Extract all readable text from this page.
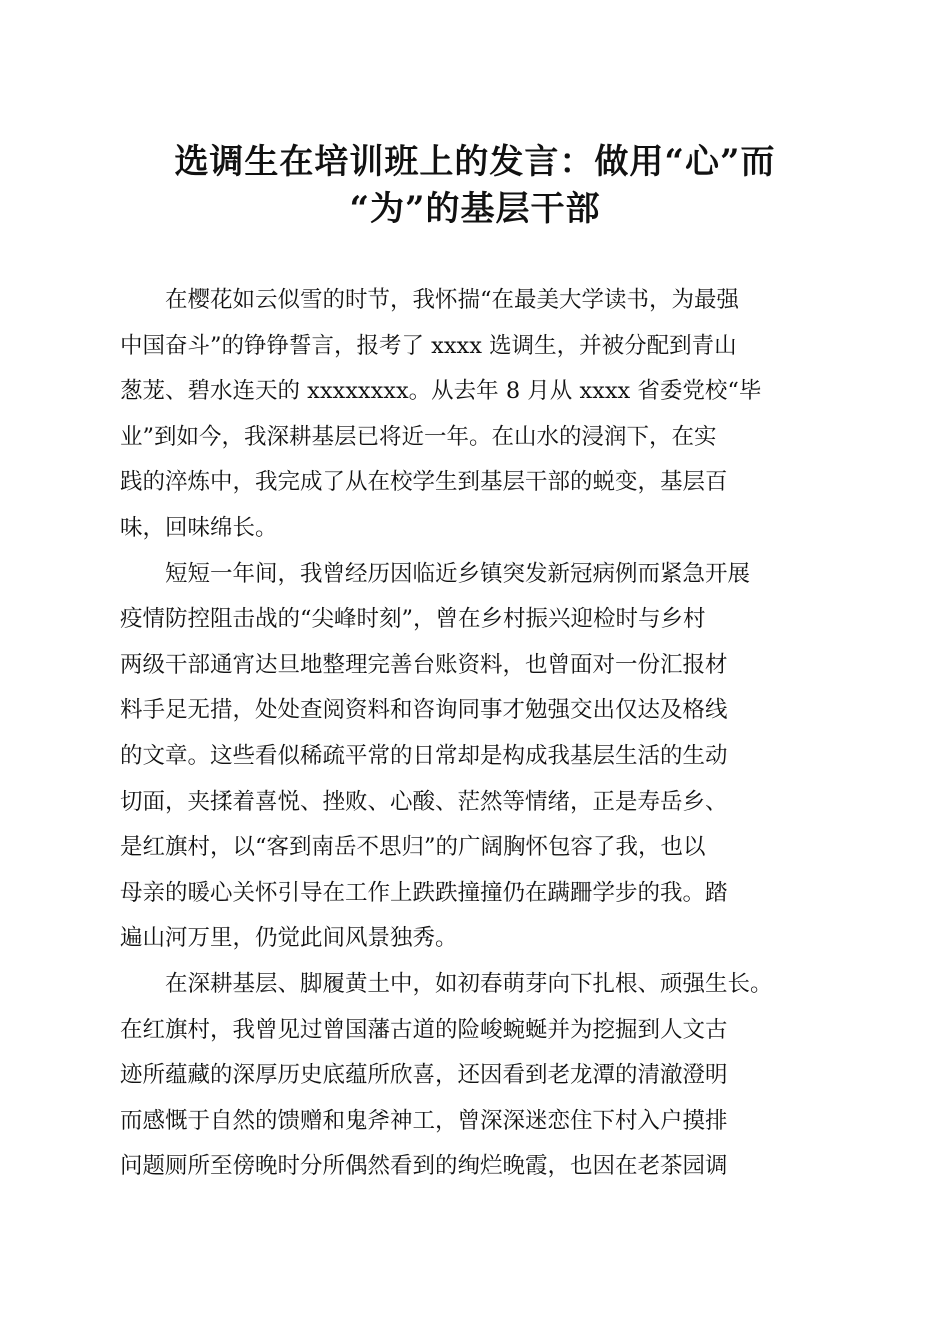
选调生在培训班上的发言：做用“心”而
“为”的基层干部
在樱花如云似雪的时节，我怀揣“在最美大学读书，为最强
中国奋斗”的铮铮誓言，报考了 xxxx 选调生，并被分配到青山
葱茏、碧水连天的 xxxxxxxx。从去年 8 月从 xxxx 省委党校“毕
业”到如今，我深耕基层已将近一年。在山水的浸润下，在实
践的淬炼中，我完成了从在校学生到基层干部的蜕变，基层百
味，回味绵长。
短短一年间，我曾经历因临近乡镇突发新冠病例而紧急开展
疫情防控阻击战的“尖峰时刻”，曾在乡村振兴迎检时与乡村
两级干部通宵达旦地整理完善台账资料，也曾面对一份汇报材
料手足无措，处处查阅资料和咨询同事才勉强交出仅达及格线
的文章。这些看似稀疏平常的日常却是构成我基层生活的生动
切面，夹揉着喜悦、挫败、心酸、茫然等情绪，正是寿岳乡、
是红旗村，以“客到南岳不思归”的广阔胸怀包容了我，也以
母亲的暖心关怀引导在工作上跌跌撞撞仍在蹒跚学步的我。踏
遍山河万里，仍觉此间风景独秀。
在深耕基层、脚履黄土中，如初春萌芽向下扎根、顽强生长。
在红旗村，我曾见过曾国藩古道的险峻蜿蜒并为挖掘到人文古
迹所蕴藏的深厚历史底蕴所欣喜，还因看到老龙潭的清澈澄明
而感慨于自然的馈赠和鬼斧神工，曾深深迷恋住下村入户摸排
问题厕所至傍晚时分所偶然看到的绚烂晚霞，也因在老茶园调
